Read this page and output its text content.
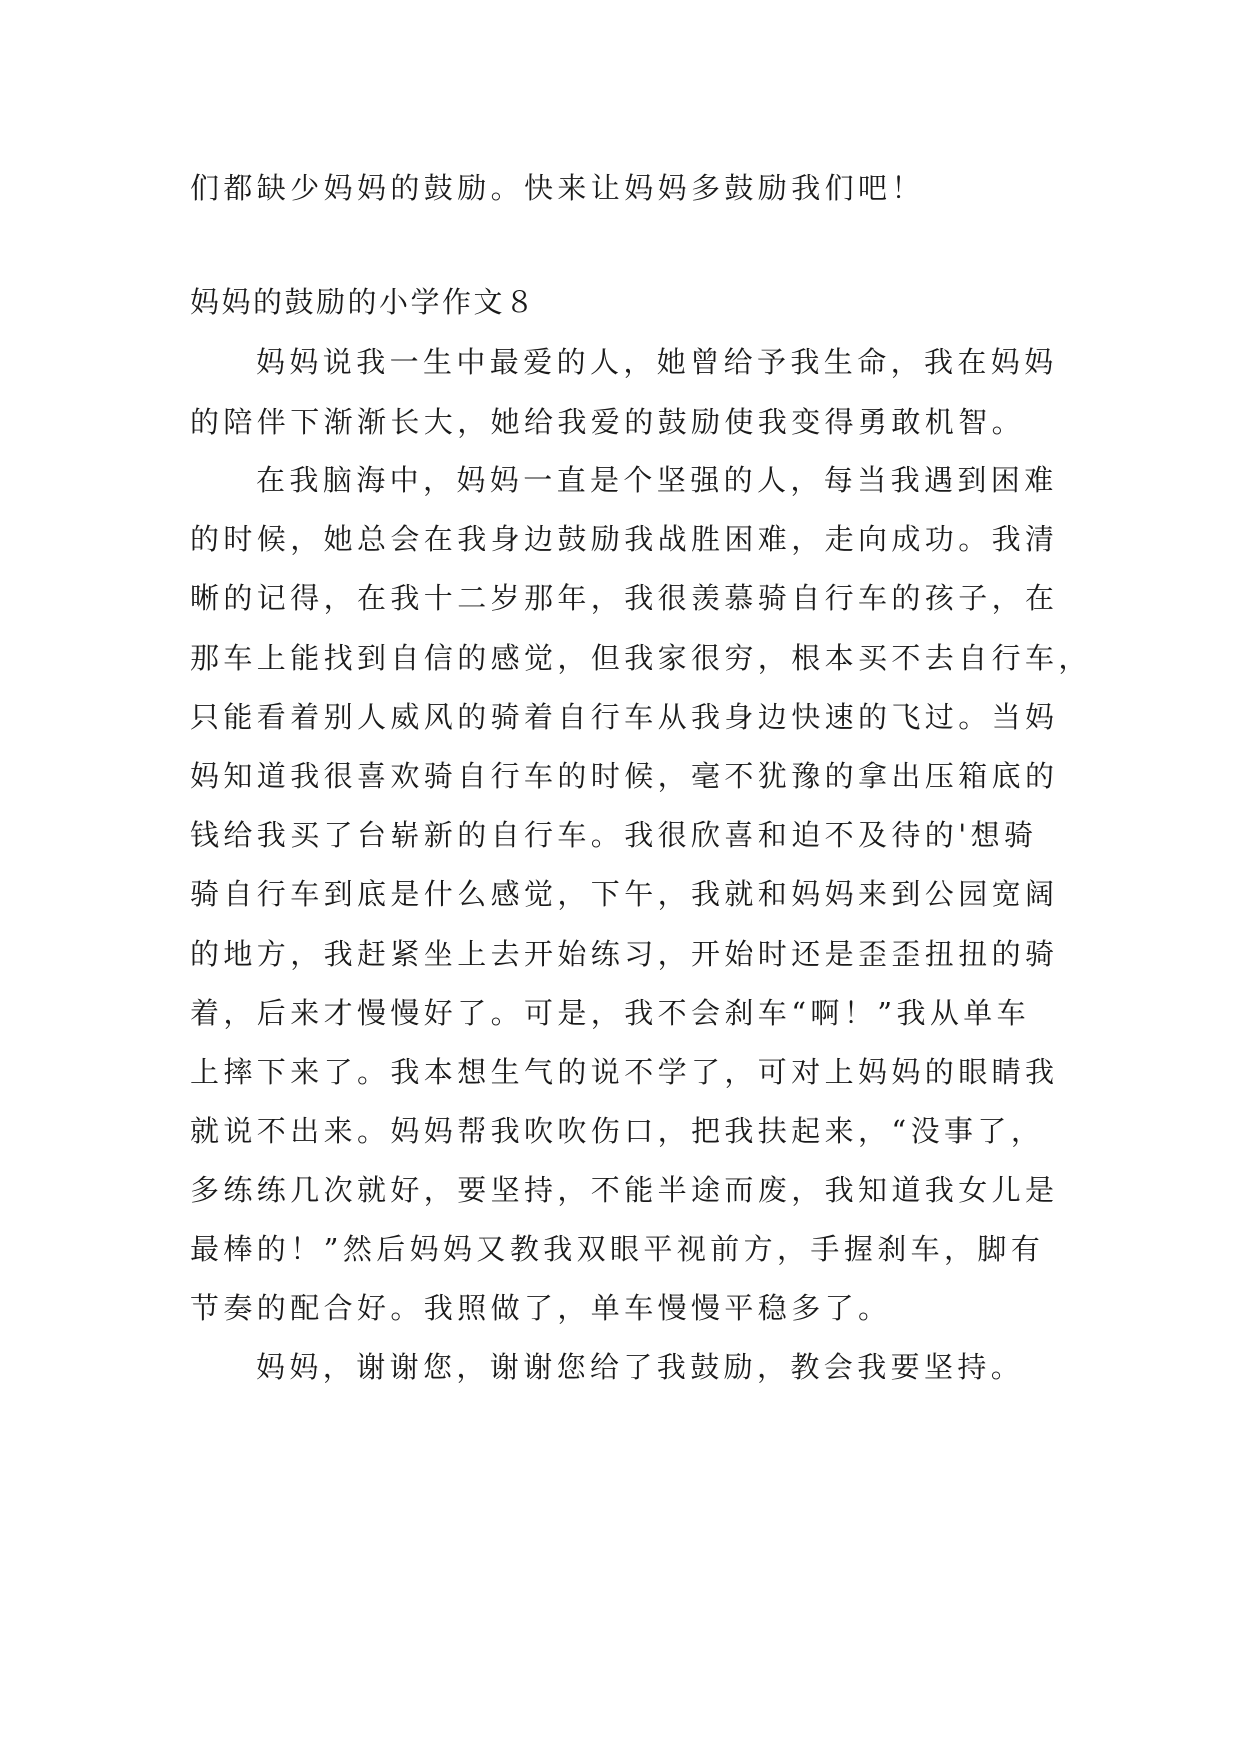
们都缺少妈妈的鼓励。快来让妈妈多鼓励我们吧！
妈妈的鼓励的小学作文８
妈妈说我一生中最爱的人，她曾给予我生命，我在妈妈
的陪伴下渐渐长大，她给我爱的鼓励使我变得勇敢机智。
在我脑海中，妈妈一直是个坚强的人，每当我遇到困难
的时候，她总会在我身边鼓励我战胜困难，走向成功。我清
晰的记得，在我十二岁那年，我很羡慕骑自行车的孩子，在
那车上能找到自信的感觉，但我家很穷，根本买不去自行车，
只能看着别人威风的骑着自行车从我身边快速的飞过。当妈
妈知道我很喜欢骑自行车的时候，毫不犹豫的拿出压箱底的
钱给我买了台崭新的自行车。我很欣喜和迫不及待的'想骑
骑自行车到底是什么感觉，下午，我就和妈妈来到公园宽阔
的地方，我赶紧坐上去开始练习，开始时还是歪歪扭扭的骑
着，后来才慢慢好了。可是，我不会刹车“啊！”我从单车
上摔下来了。我本想生气的说不学了，可对上妈妈的眼睛我
就说不出来。妈妈帮我吹吹伤口，把我扶起来，“没事了，
多练练几次就好，要坚持，不能半途而废，我知道我女儿是
最棒的！”然后妈妈又教我双眼平视前方，手握刹车，脚有
节奏的配合好。我照做了，单车慢慢平稳多了。
妈妈，谢谢您，谢谢您给了我鼓励，教会我要坚持。
